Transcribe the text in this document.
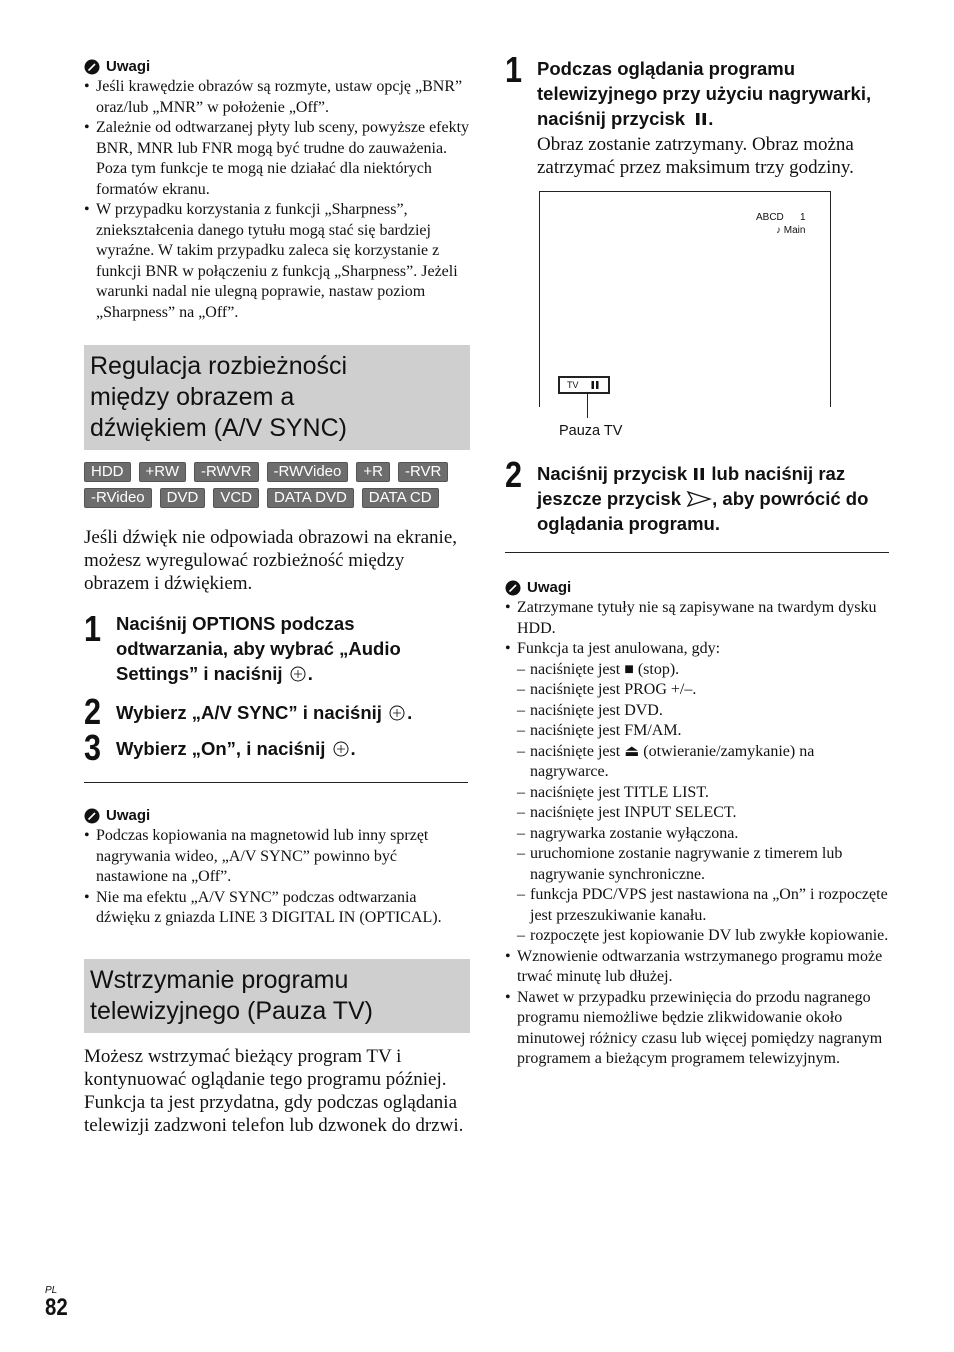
Uwagi
• Jeśli krawędzie obrazów są rozmyte, ustaw opcję „BNR” oraz/lub „MNR” w położenie „Off”.
• Zależnie od odtwarzanej płyty lub sceny, powyższe efekty BNR, MNR lub FNR mogą być trudne do zauważenia. Poza tym funkcje te mogą nie działać dla niektórych formatów ekranu.
• W przypadku korzystania z funkcji „Sharpness”, zniekształcenia danego tytułu mogą stać się bardziej wyraźne. W takim przypadku zaleca się korzystanie z funkcji BNR w połączeniu z funkcją „Sharpness”. Jeżeli warunki nadal nie ulegną poprawie, nastaw poziom „Sharpness” na „Off”.
Regulacja rozbieżności
między obrazem a
dźwiękiem (A/V SYNC)
HDD	+RW	-RWVR	-RWVideo	+R	-RVR
-RVideo	DVD	VCD	DATA DVD	DATA CD
Jeśli dźwięk nie odpowiada obrazowi na ekranie, możesz wyregulować rozbieżność między obrazem i dźwiękiem.
1 Naciśnij OPTIONS podczas odtwarzania, aby wybrać „Audio Settings” i naciśnij .
2 Wybierz „A/V SYNC” i naciśnij .
3 Wybierz „On”, i naciśnij .
Uwagi
• Podczas kopiowania na magnetowid lub inny sprzęt nagrywania wideo, „A/V SYNC” powinno być nastawione na „Off”.
• Nie ma efektu „A/V SYNC” podczas odtwarzania dźwięku z gniazda LINE 3 DIGITAL IN (OPTICAL).
Wstrzymanie programu
telewizyjnego (Pauza TV)
Możesz wstrzymać bieżący program TV i kontynuować oglądanie tego programu później. Funkcja ta jest przydatna, gdy podczas oglądania telewizji zadzwoni telefon lub dzwonek do drzwi.
1 Podczas oglądania programu telewizyjnego przy użyciu nagrywarki, naciśnij przycisk .
Obraz zostanie zatrzymany. Obraz można zatrzymać przez maksimum trzy godziny.
ABCD 1
♪ Main
TV
Pauza TV
2 Naciśnij przycisk lub naciśnij raz jeszcze przycisk , aby powrócić do oglądania programu.
Uwagi
• Zatrzymane tytuły nie są zapisywane na twardym dysku HDD.
• Funkcja ta jest anulowana, gdy:
– naciśnięte jest ■ (stop).
– naciśnięte jest PROG +/–.
– naciśnięte jest DVD.
– naciśnięte jest FM/AM.
– naciśnięte jest ⏏ (otwieranie/zamykanie) na nagrywarce.
– naciśnięte jest TITLE LIST.
– naciśnięte jest INPUT SELECT.
– nagrywarka zostanie wyłączona.
– uruchomione zostanie nagrywanie z timerem lub nagrywanie synchroniczne.
– funkcja PDC/VPS jest nastawiona na „On” i rozpoczęte jest przeszukiwanie kanału.
– rozpoczęte jest kopiowanie DV lub zwykłe kopiowanie.
• Wznowienie odtwarzania wstrzymanego programu może trwać minutę lub dłużej.
• Nawet w przypadku przewinięcia do przodu nagranego programu niemożliwe będzie zlikwidowanie około minutowej różnicy czasu lub więcej pomiędzy nagranym programem a bieżącym programem telewizyjnym.
PL
82
